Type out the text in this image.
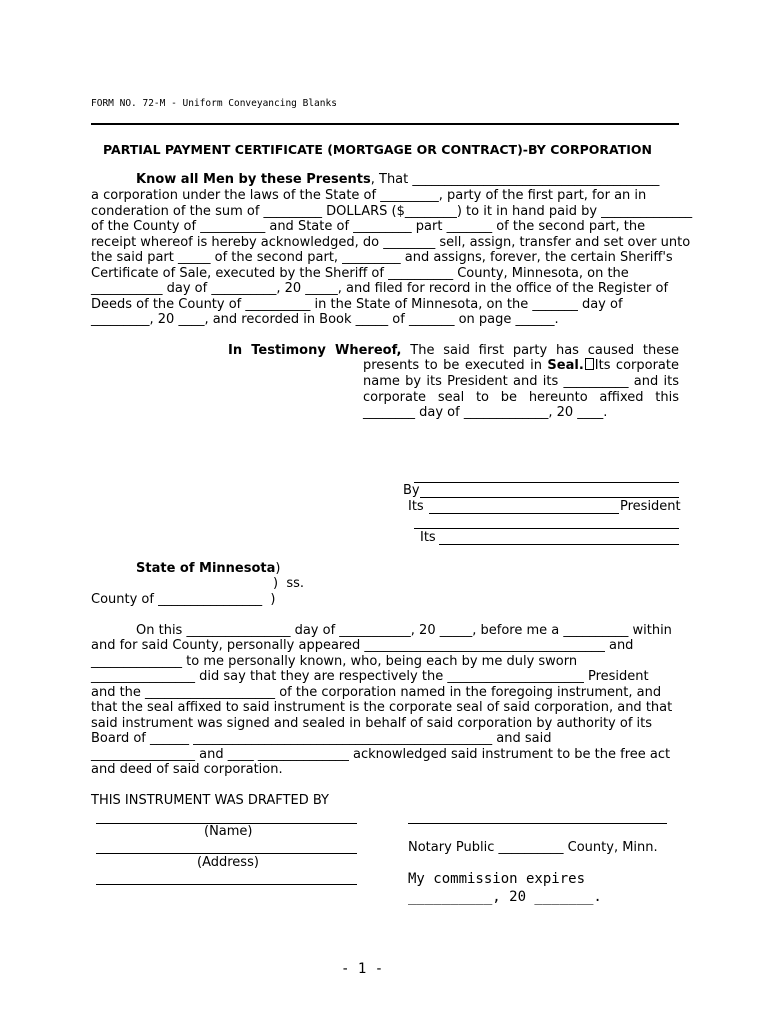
FORM NO. 72-M - Uniform Conveyancing Blanks
PARTIAL PAYMENT CERTIFICATE (MORTGAGE OR CONTRACT)-BY CORPORATION
Know all Men by these Presents, That ______________________________________
a corporation under the laws of the State of _________, party of the first part, for an in
conderation of the sum of _________ DOLLARS ($________) to it in hand paid by ______________
of the County of __________ and State of _________ part _______ of the second part, the
receipt whereof is hereby acknowledged, do ________ sell, assign, transfer and set over unto
the said part _____ of the second part, _________ and assigns, forever, the certain Sheriff's
Certificate of Sale, executed by the Sheriff of __________ County, Minnesota, on the
___________ day of __________, 20 _____, and filed for record in the office of the Register of
Deeds of the County of __________ in the State of Minnesota, on the _______ day of
_________, 20 ____, and recorded in Book _____ of _______ on page ______.
In Testimony Whereof, The said first party has caused these
presents to be executed in Seal. Its corporate
name by its President and its __________ and its
corporate seal to be hereunto affixed this
________ day of _____________, 20 ____.
By
Its	President
Its
State of Minnesota)
)  ss.
County of ________________  )
On this ________________ day of ___________, 20 _____, before me a __________ within
and for said County, personally appeared _____________________________________ and
______________ to me personally known, who, being each by me duly sworn
________________ did say that they are respectively the _____________________ President
and the ____________________ of the corporation named in the foregoing instrument, and
that the seal affixed to said instrument is the corporate seal of said corporation, and that
said instrument was signed and sealed in behalf of said corporation by authority of its
Board of ______ ______________________________________________ and said
________________ and ____ ______________ acknowledged said instrument to be the free act
and deed of said corporation.
THIS INSTRUMENT WAS DRAFTED BY
(Name)
(Address)
Notary Public __________ County, Minn.
My commission expires
__________, 20 _______.
- 1 -
